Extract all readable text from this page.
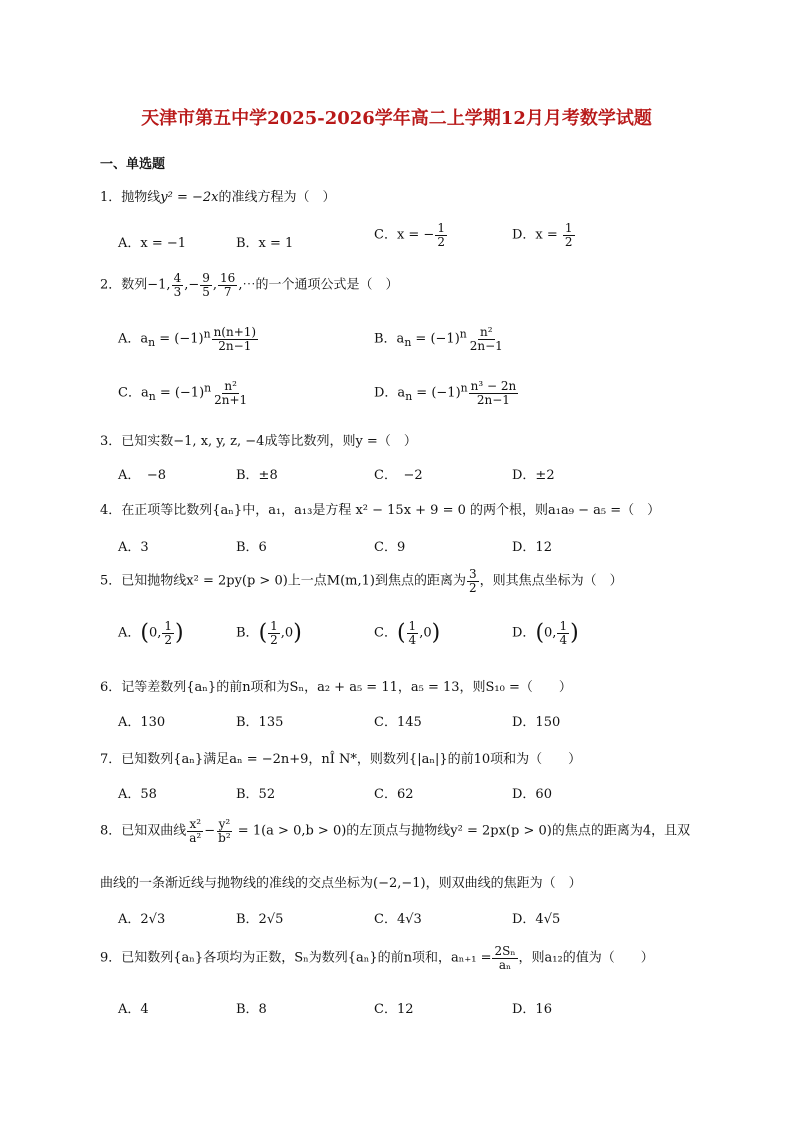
天津市第五中学2025-2026学年高二上学期12月月考数学试题
一、单选题
1．抛物线y² = −2x的准线方程为（　）
A．x = −1	B．x = 1
C．x = − $\frac{1}{2}$	D．$x = \frac{1}{2}$
2．数列−1, $\frac{4}{3}$ ,− $\frac{9}{5}$ , $\frac{16}{7}$ ,⋯的一个通项公式是（　）
A．$a_n = (-1)^n \frac{n(n+1)}{2n-1}$	B．$a_n = (-1)^n \frac{\text{n²}}{2n-1}$
C．$a_n = (-1)^n \frac{\text{n²}}{2n+1}$	D．$a_n = (-1)^n \frac{\text{n³ − 2n}}{2n-1}$
3．已知实数−1, x, y, z, −4成等比数列，则y =（　）
A．　−8	B．±8	C．　−2	D．±2
4．在正项等比数列{aₙ}中，a₁，a₁₃是方程 x² − 15x + 9 = 0 的两个根，则a₁a₉ − a₅ =（　）
A．3	B．6	C．9	D．12
5．已知抛物线x² = 2py(p > 0)上一点M(m,1)到焦点的距离为 $\frac{3}{2}$ ，则其焦点坐标为（　）
A．(0, $\frac{1}{2}$ )	B．( $\frac{1}{2} ,0$)	C．( $\frac{1}{4} ,0$)	D．(0, $\frac{1}{4}$ )
6．记等差数列{aₙ}的前n项和为Sₙ，a₂ + a₅ = 11，a₅ = 13，则S₁₀ =（　　）
A．130	B．135	C．145	D．150
7．已知数列{aₙ}满足aₙ = −2n+9，nÎ N*，则数列{|aₙ|}的前10项和为（　　）
A．58	B．52	C．62	D．60
8．已知双曲线 $\frac{\text{x²}}{\text{a²}} - \frac{\text{y²}}{\text{b²}} = 1(a > 0,b > 0)$的左顶点与抛物线y² = 2px(p > 0)的焦点的距离为4，且双
曲线的一条渐近线与抛物线的准线的交点坐标为(−2,−1)，则双曲线的焦距为（　）
A．2√3	B．2√5	C．4√3	D．4√5
9．已知数列{aₙ}各项均为正数，Sₙ为数列{aₙ}的前n项和，$a_{n+1} = \frac{\text{2Sₙ}}{\text{aₙ}}$ ，则a₁₂的值为（　　）
A．4	B．8	C．12	D．16
